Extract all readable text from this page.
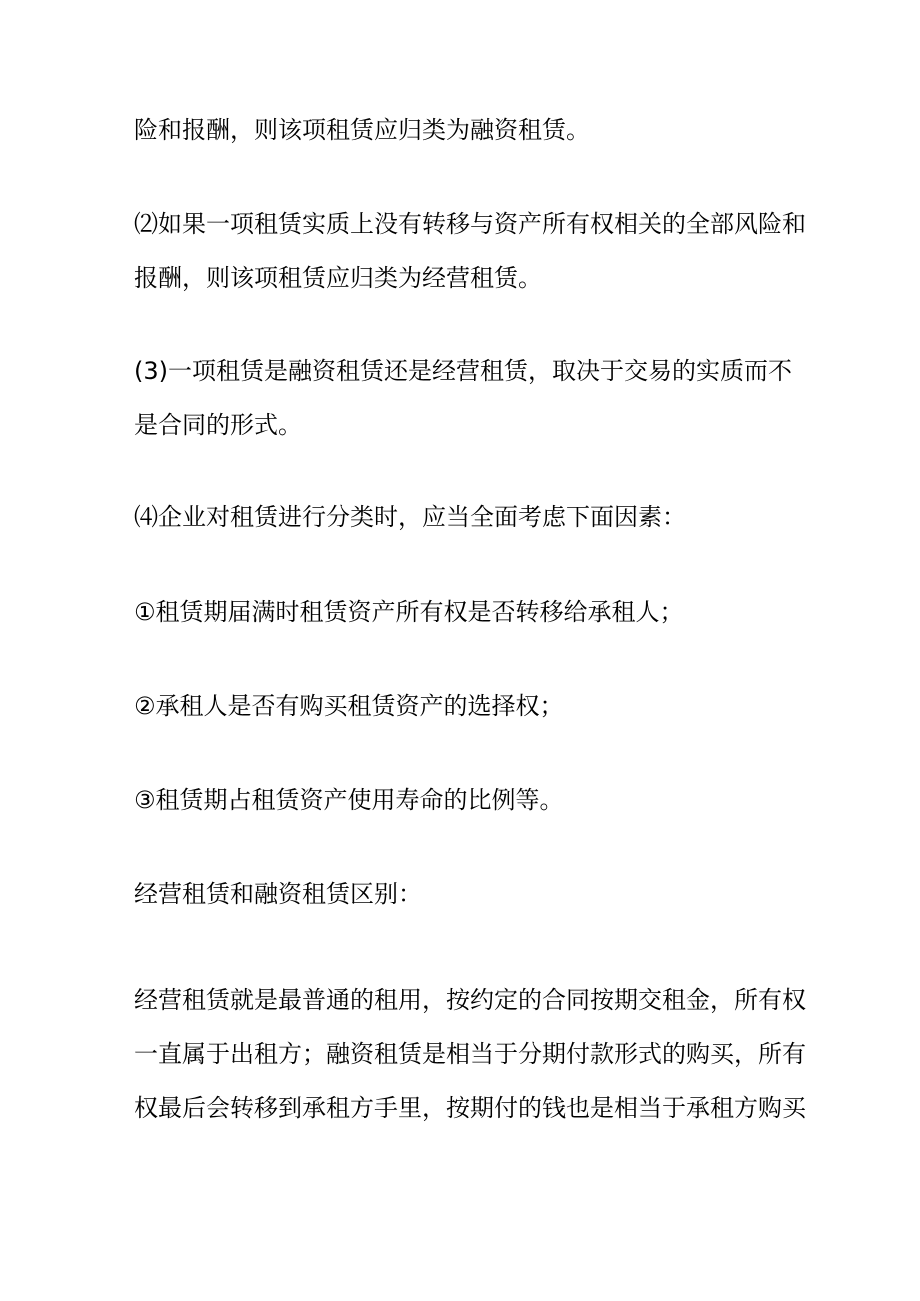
险和报酬，则该项租赁应归类为融资租赁。

⑵如果一项租赁实质上没有转移与资产所有权相关的全部风险和
报酬，则该项租赁应归类为经营租赁。

(3)一项租赁是融资租赁还是经营租赁，取决于交易的实质而不
是合同的形式。

⑷企业对租赁进行分类时，应当全面考虑下面因素：

①租赁期届满时租赁资产所有权是否转移给承租人；

②承租人是否有购买租赁资产的选择权；

③租赁期占租赁资产使用寿命的比例等。

经营租赁和融资租赁区别：

经营租赁就是最普通的租用，按约定的合同按期交租金，所有权
一直属于出租方；融资租赁是相当于分期付款形式的购买，所有
权最后会转移到承租方手里，按期付的钱也是相当于承租方购买
